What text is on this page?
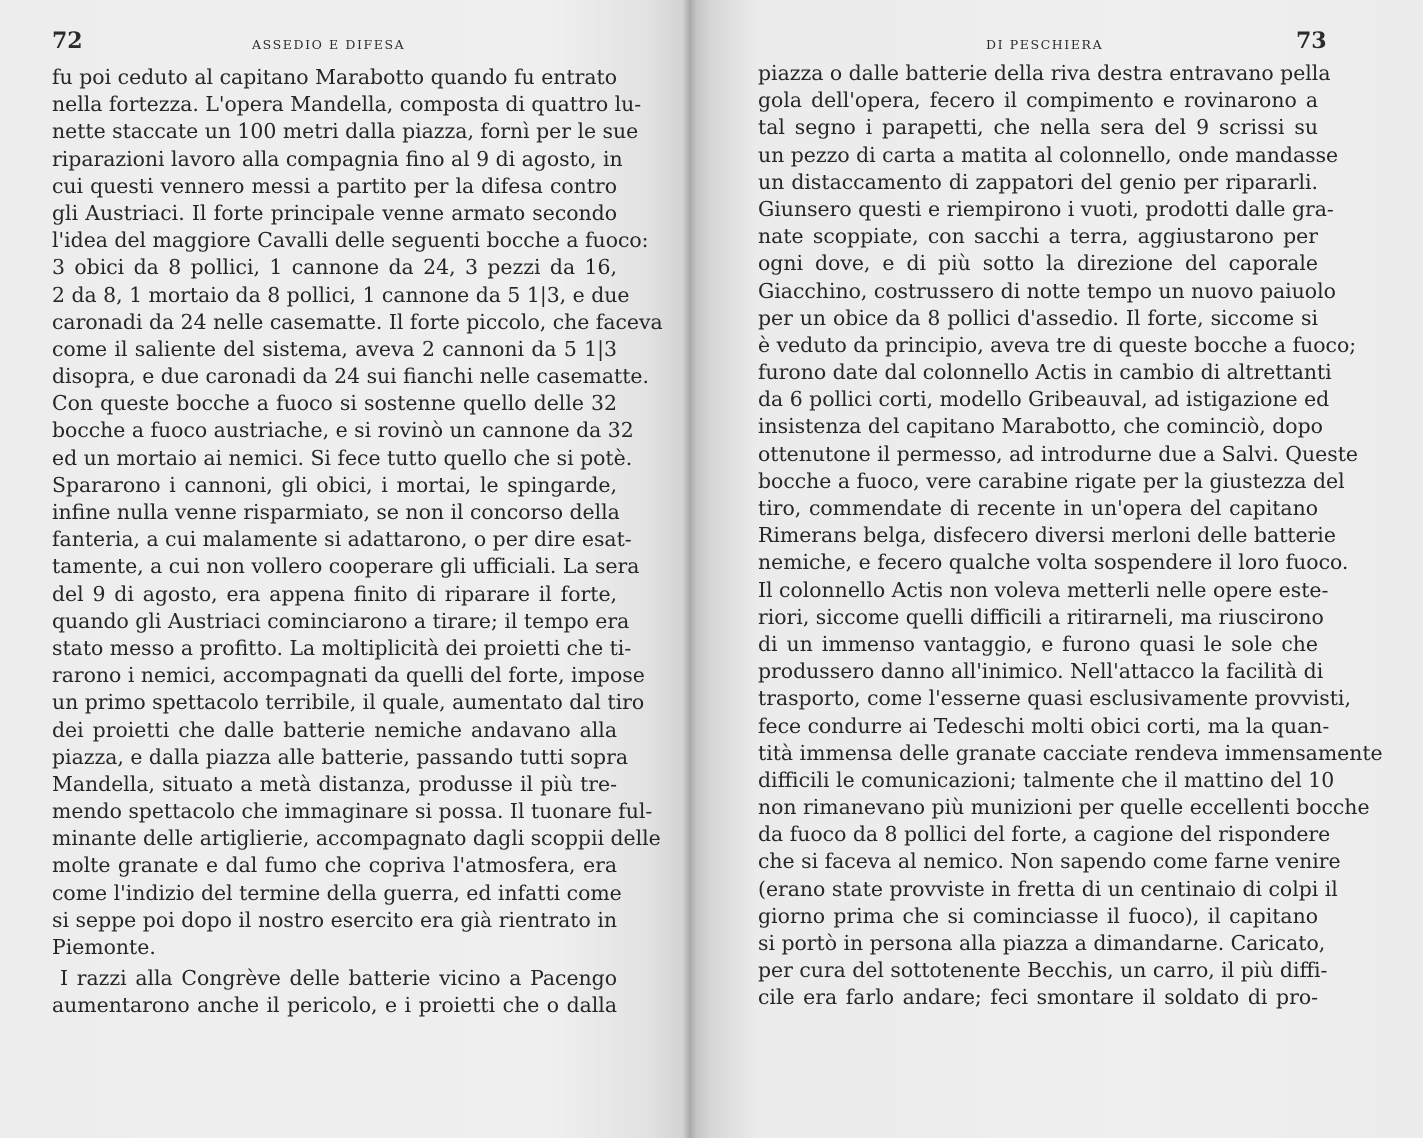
72	ASSEDIO E DIFESA
fu poi ceduto al capitano Marabotto quando fu entrato
nella fortezza. L'opera Mandella, composta di quattro lu-
nette staccate un 100 metri dalla piazza, fornì per le sue
riparazioni lavoro alla compagnia fino al 9 di agosto, in
cui questi vennero messi a partito per la difesa contro
gli Austriaci. Il forte principale venne armato secondo
l'idea del maggiore Cavalli delle seguenti bocche a fuoco:
3 obici da 8 pollici, 1 cannone da 24, 3 pezzi da 16,
2 da 8, 1 mortaio da 8 pollici, 1 cannone da 5 1|3, e due
caronadi da 24 nelle casematte. Il forte piccolo, che faceva
come il saliente del sistema, aveva 2 cannoni da 5 1|3
disopra, e due caronadi da 24 sui fianchi nelle casematte.
Con queste bocche a fuoco si sostenne quello delle 32
bocche a fuoco austriache, e si rovinò un cannone da 32
ed un mortaio ai nemici. Si fece tutto quello che si potè.
Spararono i cannoni, gli obici, i mortai, le spingarde,
infine nulla venne risparmiato, se non il concorso della
fanteria, a cui malamente si adattarono, o per dire esat-
tamente, a cui non vollero cooperare gli ufficiali. La sera
del 9 di agosto, era appena finito di riparare il forte,
quando gli Austriaci cominciarono a tirare; il tempo era
stato messo a profitto. La moltiplicità dei proietti che ti-
rarono i nemici, accompagnati da quelli del forte, impose
un primo spettacolo terribile, il quale, aumentato dal tiro
dei proietti che dalle batterie nemiche andavano alla
piazza, e dalla piazza alle batterie, passando tutti sopra
Mandella, situato a metà distanza, produsse il più tre-
mendo spettacolo che immaginare si possa. Il tuonare ful-
minante delle artiglierie, accompagnato dagli scoppii delle
molte granate e dal fumo che copriva l'atmosfera, era
come l'indizio del termine della guerra, ed infatti come
si seppe poi dopo il nostro esercito era già rientrato in
Piemonte.
I razzi alla Congrève delle batterie vicino a Pacengo
aumentarono anche il pericolo, e i proietti che o dalla
DI PESCHIERA	73
piazza o dalle batterie della riva destra entravano pella
gola dell'opera, fecero il compimento e rovinarono a
tal segno i parapetti, che nella sera del 9 scrissi su
un pezzo di carta a matita al colonnello, onde mandasse
un distaccamento di zappatori del genio per ripararli.
Giunsero questi e riempirono i vuoti, prodotti dalle gra-
nate scoppiate, con sacchi a terra, aggiustarono per
ogni dove, e di più sotto la direzione del caporale
Giacchino, costrussero di notte tempo un nuovo paiuolo
per un obice da 8 pollici d'assedio. Il forte, siccome si
è veduto da principio, aveva tre di queste bocche a fuoco;
furono date dal colonnello Actis in cambio di altrettanti
da 6 pollici corti, modello Gribeauval, ad istigazione ed
insistenza del capitano Marabotto, che cominciò, dopo
ottenutone il permesso, ad introdurne due a Salvi. Queste
bocche a fuoco, vere carabine rigate per la giustezza del
tiro, commendate di recente in un'opera del capitano
Rimerans belga, disfecero diversi merloni delle batterie
nemiche, e fecero qualche volta sospendere il loro fuoco.
Il colonnello Actis non voleva metterli nelle opere este-
riori, siccome quelli difficili a ritirarneli, ma riuscirono
di un immenso vantaggio, e furono quasi le sole che
produssero danno all'inimico. Nell'attacco la facilità di
trasporto, come l'esserne quasi esclusivamente provvisti,
fece condurre ai Tedeschi molti obici corti, ma la quan-
tità immensa delle granate cacciate rendeva immensamente
difficili le comunicazioni; talmente che il mattino del 10
non rimanevano più munizioni per quelle eccellenti bocche
da fuoco da 8 pollici del forte, a cagione del rispondere
che si faceva al nemico. Non sapendo come farne venire
(erano state provviste in fretta di un centinaio di colpi il
giorno prima che si cominciasse il fuoco), il capitano
si portò in persona alla piazza a dimandarne. Caricato,
per cura del sottotenente Becchis, un carro, il più diffi-
cile era farlo andare; feci smontare il soldato di pro-
